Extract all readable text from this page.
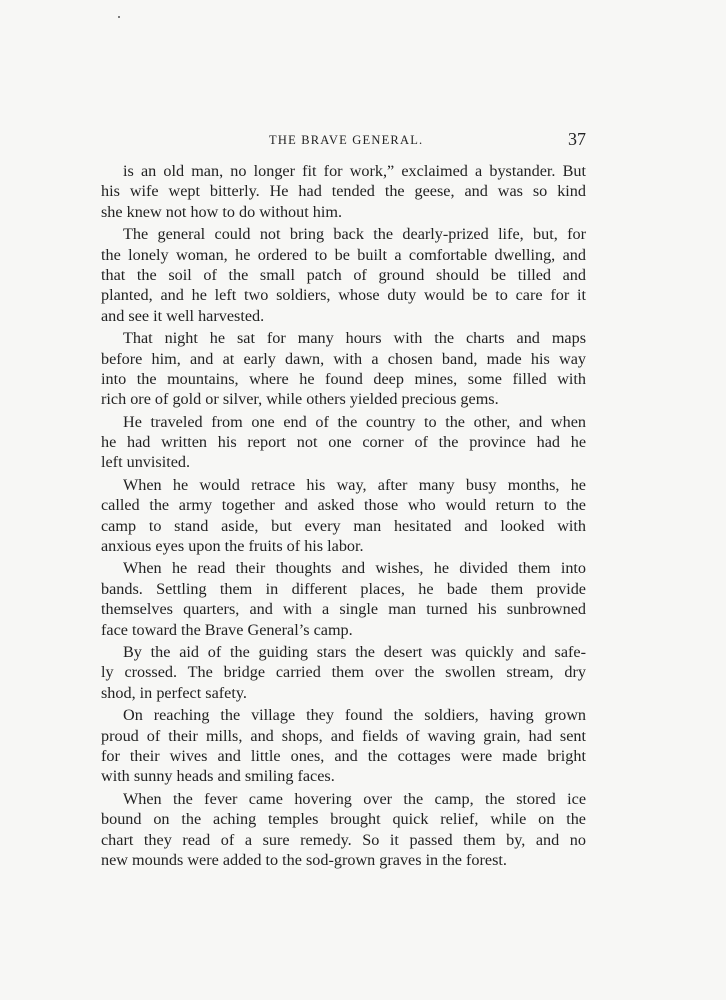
THE BRAVE GENERAL.	37
is an old man, no longer fit for work,” exclaimed a bystander. But
his wife wept bitterly. He had tended the geese, and was so kind
she knew not how to do without him.
The general could not bring back the dearly-prized life, but, for
the lonely woman, he ordered to be built a comfortable dwelling, and
that the soil of the small patch of ground should be tilled and
planted, and he left two soldiers, whose duty would be to care for it
and see it well harvested.
That night he sat for many hours with the charts and maps
before him, and at early dawn, with a chosen band, made his way
into the mountains, where he found deep mines, some filled with
rich ore of gold or silver, while others yielded precious gems.
He traveled from one end of the country to the other, and when
he had written his report not one corner of the province had he
left unvisited.
When he would retrace his way, after many busy months, he
called the army together and asked those who would return to the
camp to stand aside, but every man hesitated and looked with
anxious eyes upon the fruits of his labor.
When he read their thoughts and wishes, he divided them into
bands. Settling them in different places, he bade them provide
themselves quarters, and with a single man turned his sunbrowned
face toward the Brave General’s camp.
By the aid of the guiding stars the desert was quickly and safe-
ly crossed. The bridge carried them over the swollen stream, dry
shod, in perfect safety.
On reaching the village they found the soldiers, having grown
proud of their mills, and shops, and fields of waving grain, had sent
for their wives and little ones, and the cottages were made bright
with sunny heads and smiling faces.
When the fever came hovering over the camp, the stored ice
bound on the aching temples brought quick relief, while on the
chart they read of a sure remedy. So it passed them by, and no
new mounds were added to the sod-grown graves in the forest.
